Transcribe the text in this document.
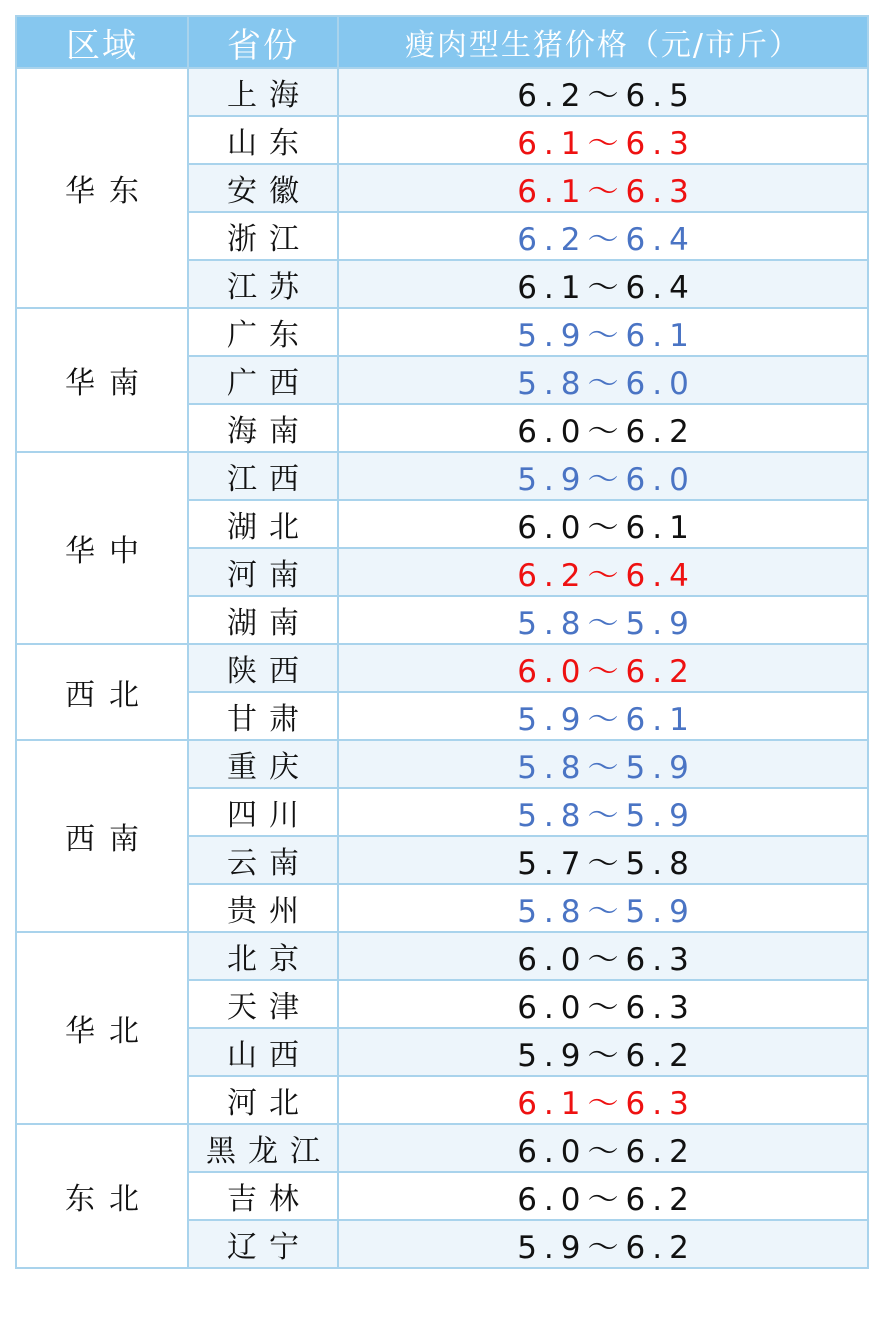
区域	省份	瘦肉型生猪价格（元/市斤）
华东	上海	6.2～6.5
	山东	6.1～6.3
	安徽	6.1～6.3
	浙江	6.2～6.4
	江苏	6.1～6.4
华南	广东	5.9～6.1
	广西	5.8～6.0
	海南	6.0～6.2
华中	江西	5.9～6.0
	湖北	6.0～6.1
	河南	6.2～6.4
	湖南	5.8～5.9
西北	陕西	6.0～6.2
	甘肃	5.9～6.1
西南	重庆	5.8～5.9
	四川	5.8～5.9
	云南	5.7～5.8
	贵州	5.8～5.9
华北	北京	6.0～6.3
	天津	6.0～6.3
	山西	5.9～6.2
	河北	6.1～6.3
东北	黑龙江	6.0～6.2
	吉林	6.0～6.2
	辽宁	5.9～6.2
